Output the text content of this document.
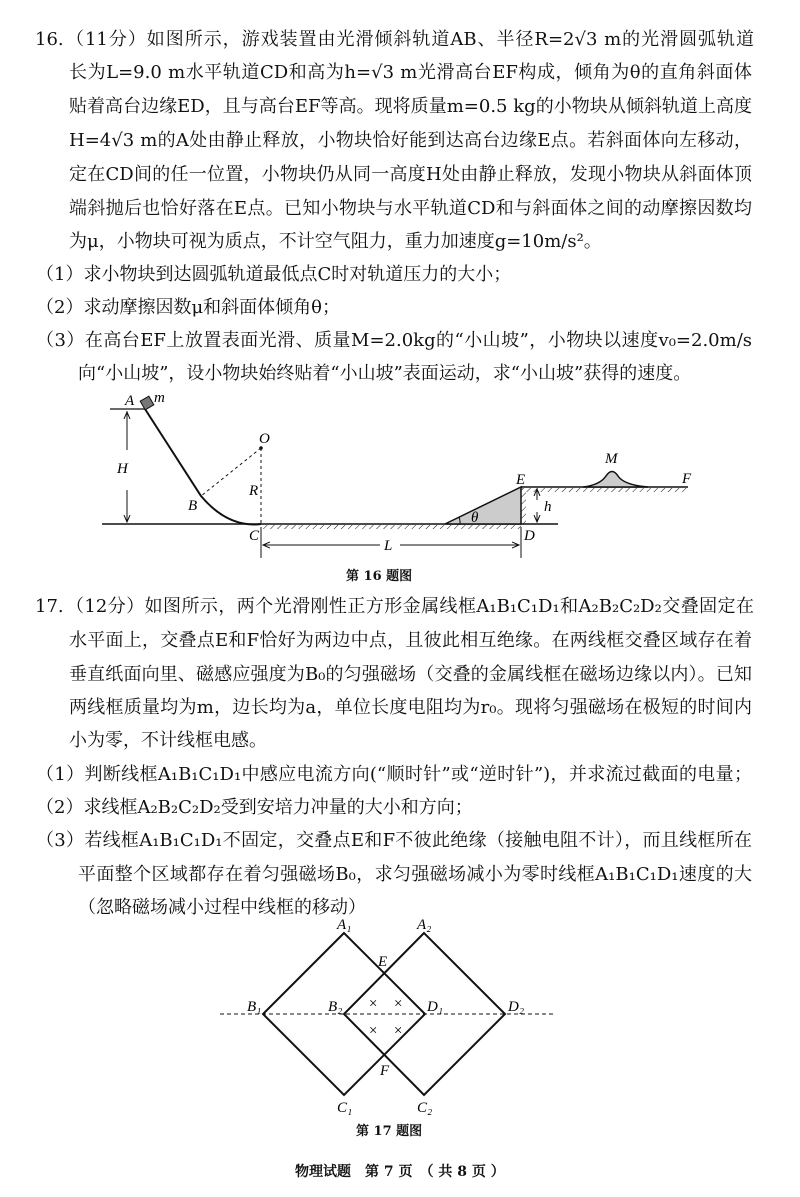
16. （11分）如图所示，游戏装置由光滑倾斜轨道AB、半径R=2√3 m的光滑圆弧轨道
长为L=9.0 m水平轨道CD和高为h=√3 m光滑高台EF构成，倾角为θ的直角斜面体
贴着高台边缘ED，且与高台EF等高。现将质量m=0.5 kg的小物块从倾斜轨道上高度
H=4√3 m的A处由静止释放，小物块恰好能到达高台边缘E点。若斜面体向左移动，
定在CD间的任一位置，小物块仍从同一高度H处由静止释放，发现小物块从斜面体顶
端斜抛后也恰好落在E点。已知小物块与水平轨道CD和与斜面体之间的动摩擦因数均
为μ，小物块可视为质点，不计空气阻力，重力加速度g=10m/s²。
（1）求小物块到达圆弧轨道最低点C时对轨道压力的大小；
（2）求动摩擦因数μ和斜面体倾角θ；
（3）在高台EF上放置表面光滑、质量M=2.0kg的“小山坡”，小物块以速度v₀=2.0m/s
向“小山坡”，设小物块始终贴着“小山坡”表面运动，求“小山坡”获得的速度。
A m
O
H
R
B
C
L
E
θ
h
D
M
F
第 16 题图
17. （12分）如图所示，两个光滑刚性正方形金属线框A₁B₁C₁D₁和A₂B₂C₂D₂交叠固定在
水平面上，交叠点E和F恰好为两边中点，且彼此相互绝缘。在两线框交叠区域存在着
垂直纸面向里、磁感应强度为B₀的匀强磁场（交叠的金属线框在磁场边缘以内）。已知
两线框质量均为m，边长均为a，单位长度电阻均为r₀。现将匀强磁场在极短的时间内
小为零，不计线框电感。
（1）判断线框A₁B₁C₁D₁中感应电流方向(“顺时针”或“逆时针”)，并求流过截面的电量；
（2）求线框A₂B₂C₂D₂受到安培力冲量的大小和方向；
（3）若线框A₁B₁C₁D₁不固定，交叠点E和F不彼此绝缘（接触电阻不计），而且线框所在
平面整个区域都存在着匀强磁场B₀，求匀强磁场减小为零时线框A₁B₁C₁D₁速度的大
（忽略磁场减小过程中线框的移动）
× ×
× ×
A₁	A₂
E
B₁	B₂	D₁	D₂
F
C₁	C₂
第 17 题图
物理试题　第 7 页　（ 共 8 页 ）
